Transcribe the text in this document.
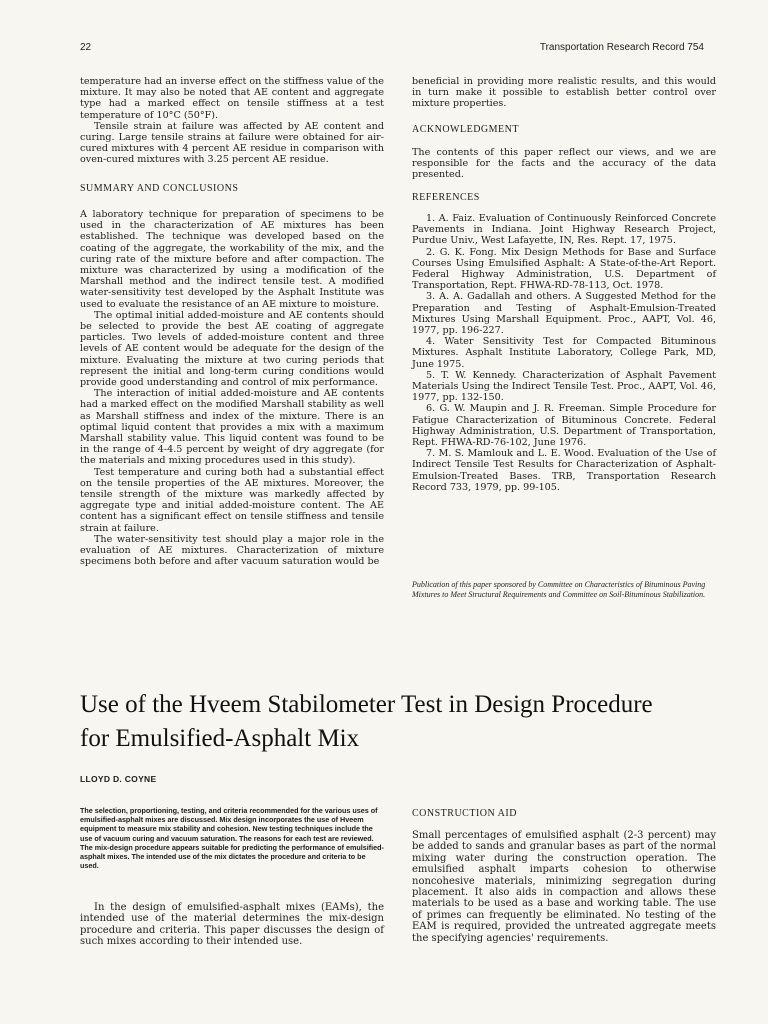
22	Transportation Research Record 754

temperature had an inverse effect on the stiffness value of the mixture. It may also be noted that AE content and aggregate type had a marked effect on tensile stiffness at a test temperature of 10°C (50°F).

Tensile strain at failure was affected by AE content and curing. Large tensile strains at failure were obtained for air-cured mixtures with 4 percent AE residue in comparison with oven-cured mixtures with 3.25 percent AE residue.

SUMMARY AND CONCLUSIONS

A laboratory technique for preparation of specimens to be used in the characterization of AE mixtures has been established. The technique was developed based on the coating of the aggregate, the workability of the mix, and the curing rate of the mixture before and after compaction. The mixture was characterized by using a modification of the Marshall method and the indirect tensile test. A modified water-sensitivity test developed by the Asphalt Institute was used to evaluate the resistance of an AE mixture to moisture.

The optimal initial added-moisture and AE contents should be selected to provide the best AE coating of aggregate particles. Two levels of added-moisture content and three levels of AE content would be adequate for the design of the mixture. Evaluating the mixture at two curing periods that represent the initial and long-term curing conditions would provide good understanding and control of mix performance.

The interaction of initial added-moisture and AE contents had a marked effect on the modified Marshall stability as well as Marshall stiffness and index of the mixture. There is an optimal liquid content that provides a mix with a maximum Marshall stability value. This liquid content was found to be in the range of 4-4.5 percent by weight of dry aggregate (for the materials and mixing procedures used in this study).

Test temperature and curing both had a substantial effect on the tensile properties of the AE mixtures. Moreover, the tensile strength of the mixture was markedly affected by aggregate type and initial added-moisture content. The AE content has a significant effect on tensile stiffness and tensile strain at failure.

The water-sensitivity test should play a major role in the evaluation of AE mixtures. Characterization of mixture specimens both before and after vacuum saturation would be

beneficial in providing more realistic results, and this would in turn make it possible to establish better control over mixture properties.

ACKNOWLEDGMENT

The contents of this paper reflect our views, and we are responsible for the facts and the accuracy of the data presented.

REFERENCES

1. A. Faiz. Evaluation of Continuously Reinforced Concrete Pavements in Indiana. Joint Highway Research Project, Purdue Univ., West Lafayette, IN, Res. Rept. 17, 1975.

2. G. K. Fong. Mix Design Methods for Base and Surface Courses Using Emulsified Asphalt: A State-of-the-Art Report. Federal Highway Administration, U.S. Department of Transportation, Rept. FHWA-RD-78-113, Oct. 1978.

3. A. A. Gadallah and others. A Suggested Method for the Preparation and Testing of Asphalt-Emulsion-Treated Mixtures Using Marshall Equipment. Proc., AAPT, Vol. 46, 1977, pp. 196-227.

4. Water Sensitivity Test for Compacted Bituminous Mixtures. Asphalt Institute Laboratory, College Park, MD, June 1975.

5. T. W. Kennedy. Characterization of Asphalt Pavement Materials Using the Indirect Tensile Test. Proc., AAPT, Vol. 46, 1977, pp. 132-150.

6. G. W. Maupin and J. R. Freeman. Simple Procedure for Fatigue Characterization of Bituminous Concrete. Federal Highway Administration, U.S. Department of Transportation, Rept. FHWA-RD-76-102, June 1976.

7. M. S. Mamlouk and L. E. Wood. Evaluation of the Use of Indirect Tensile Test Results for Characterization of Asphalt-Emulsion-Treated Bases. TRB, Transportation Research Record 733, 1979, pp. 99-105.

Publication of this paper sponsored by Committee on Characteristics of Bituminous Paving Mixtures to Meet Structural Requirements and Committee on Soil-Bituminous Stabilization.
Use of the Hveem Stabilometer Test in Design Procedure
for Emulsified-Asphalt Mix
LLOYD D. COYNE
The selection, proportioning, testing, and criteria recommended for the various uses of emulsified-asphalt mixes are discussed. Mix design incorporates the use of Hveem equipment to measure mix stability and cohesion. New testing techniques include the use of vacuum curing and vacuum saturation. The reasons for each test are reviewed. The mix-design procedure appears suitable for predicting the performance of emulsified-asphalt mixes. The intended use of the mix dictates the procedure and criteria to be used.

In the design of emulsified-asphalt mixes (EAMs), the intended use of the material determines the mix-design procedure and criteria. This paper discusses the design of such mixes according to their intended use.

CONSTRUCTION AID

Small percentages of emulsified asphalt (2-3 percent) may be added to sands and granular bases as part of the normal mixing water during the construction operation. The emulsified asphalt imparts cohesion to otherwise noncohesive materials, minimizing segregation during placement. It also aids in compaction and allows these materials to be used as a base and working table. The use of primes can frequently be eliminated. No testing of the EAM is required, provided the untreated aggregate meets the specifying agencies' requirements.
